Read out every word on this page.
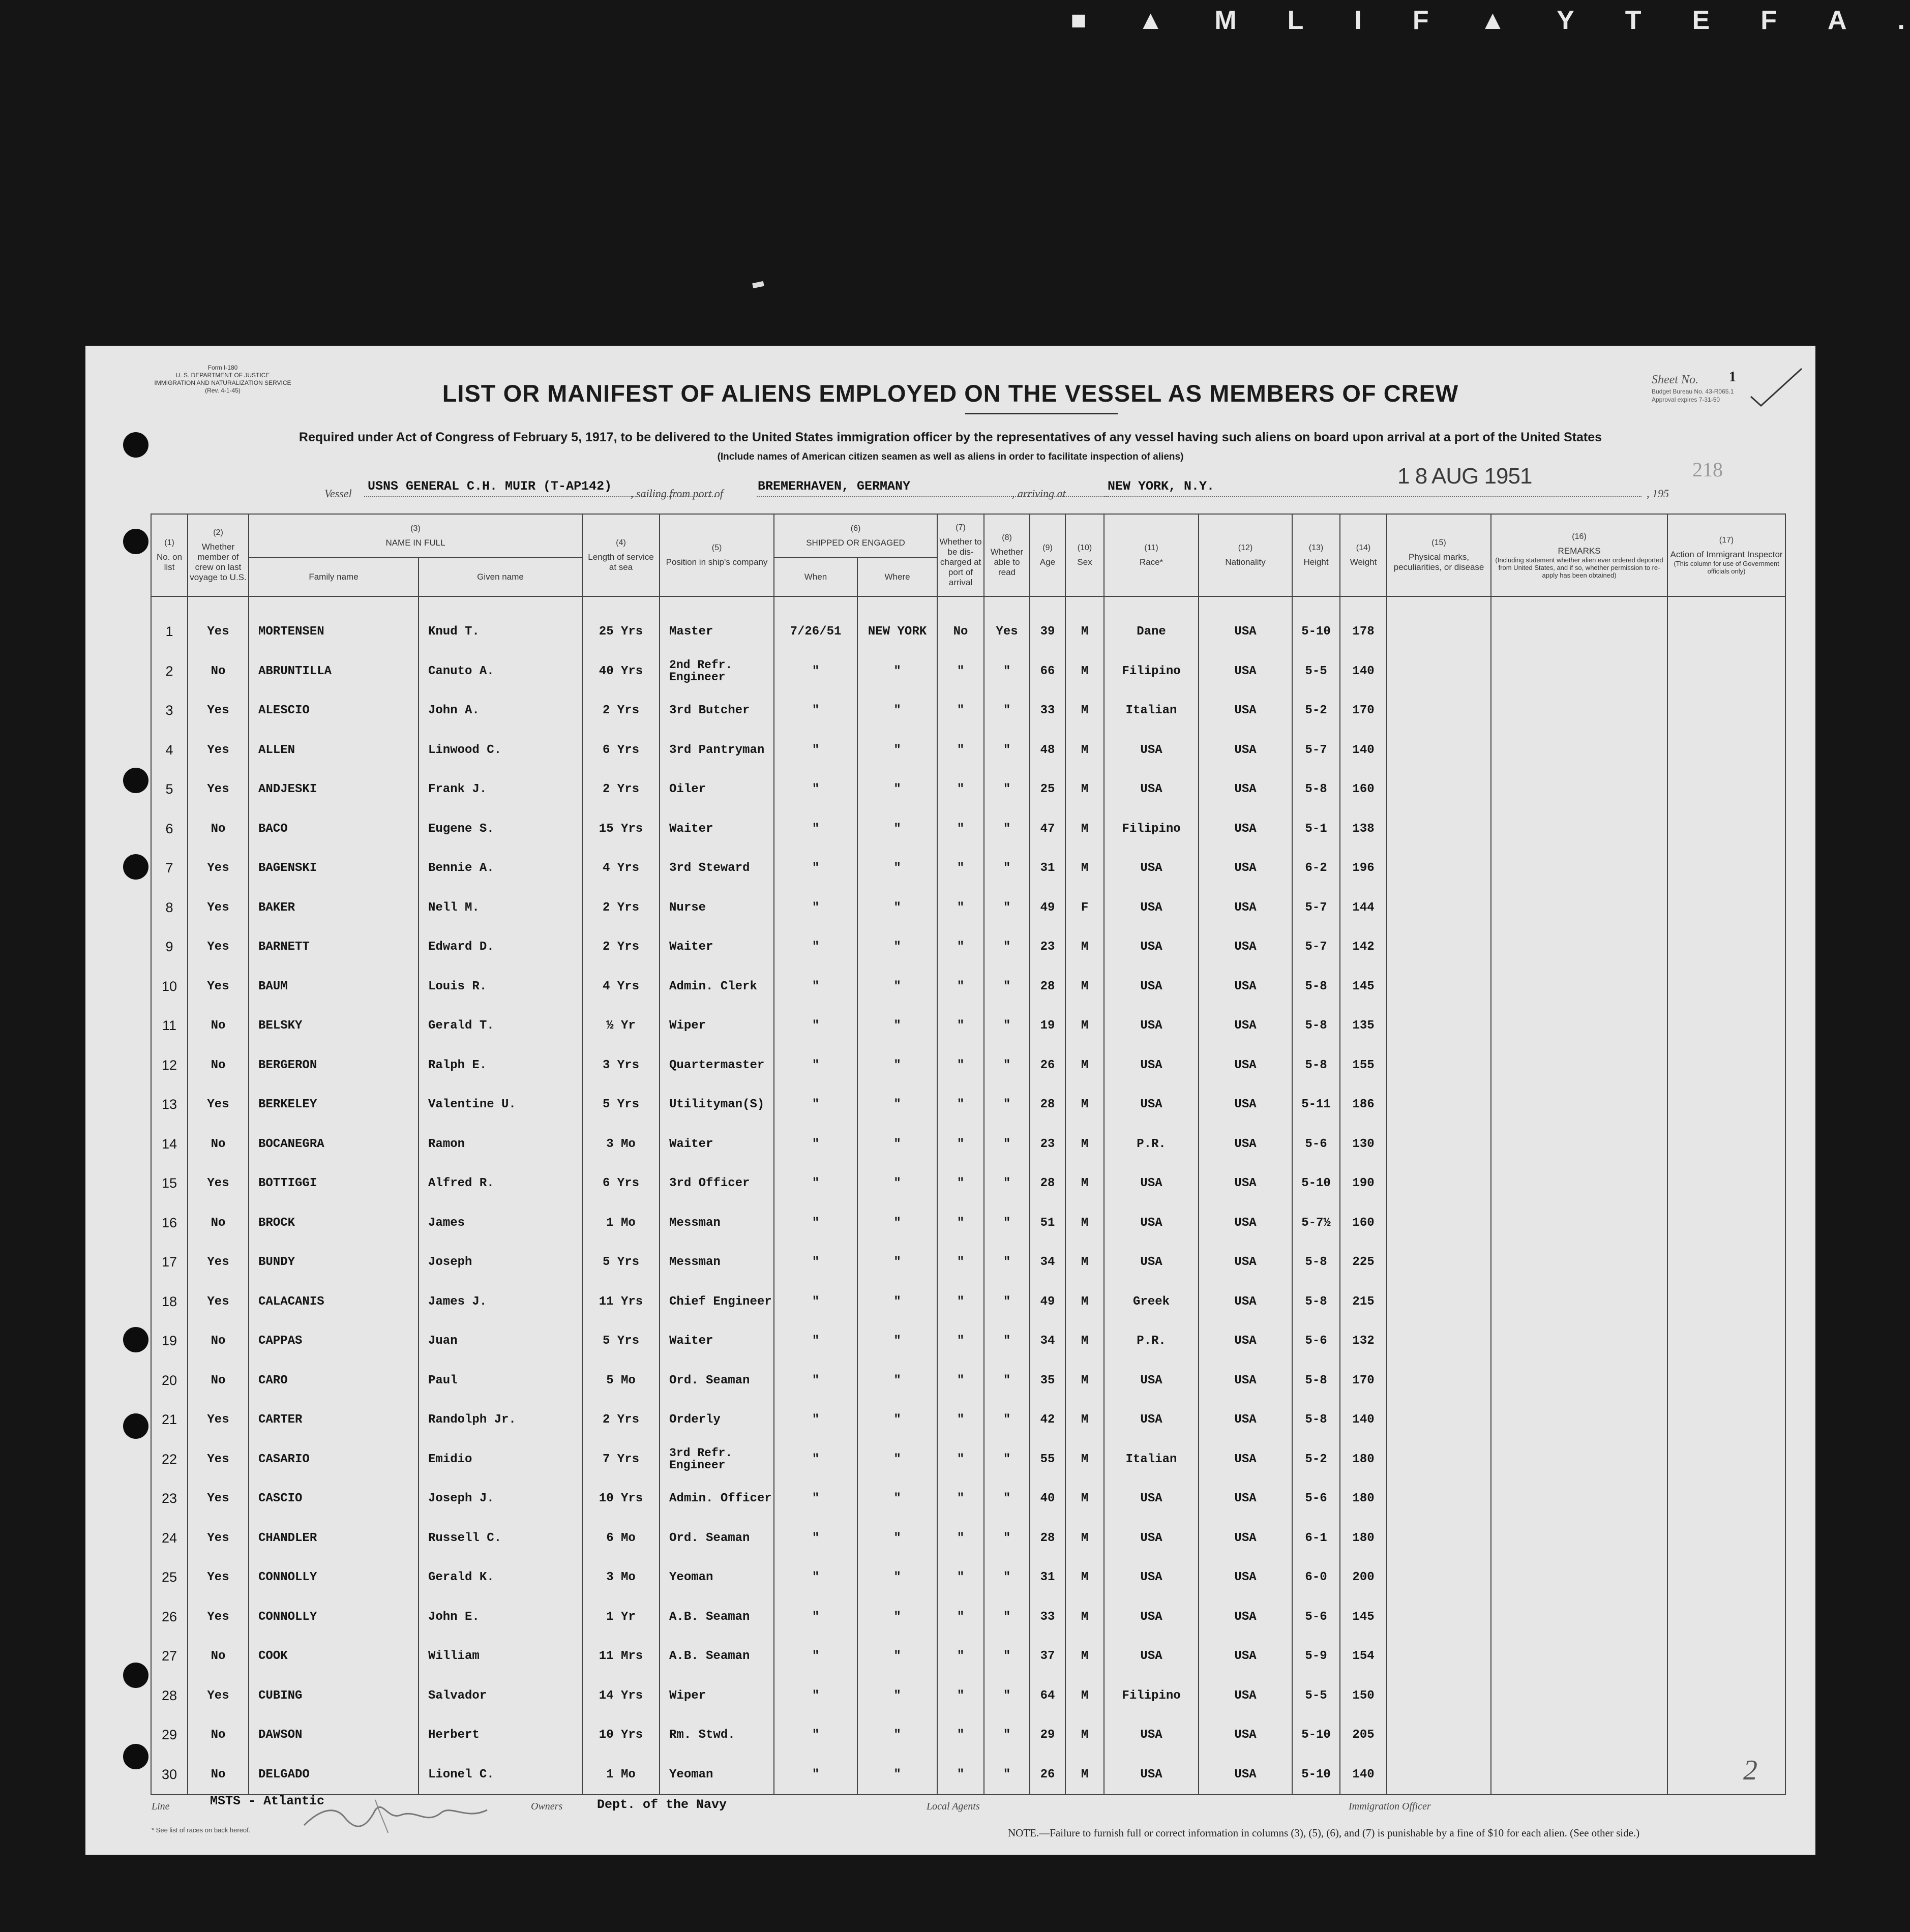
■ ▲ M L I F ▲ Y T E F A .
Form I-180
U. S. DEPARTMENT OF JUSTICE
IMMIGRATION AND NATURALIZATION SERVICE
(Rev. 4-1-45)	LIST OR MANIFEST OF ALIENS EMPLOYED ON THE VESSEL AS MEMBERS OF CREW	Sheet No. 1
Budget Bureau No. 43-R065.1
Approval expires 7-31-50
Required under Act of Congress of February 5, 1917, to be delivered to the United States immigration officer by the representatives of any vessel having such aliens on board upon arrival at a port of the United States
(Include names of American citizen seamen as well as aliens in order to facilitate inspection of aliens)
218
Vessel USNS GENERAL C.H. MUIR (T-AP142) , sailing from port of	BREMERHAVEN, GERMANY	, arriving at	NEW YORK, N.Y.	1 8 AUG 1951
, 195
(1)
No. on list	(2)
Whether member of crew on last voyage to U.S.	(3)
NAME IN FULL		(4)
Length of service at sea	(5)
Position in ship's company	(6)
SHIPPED OR ENGAGED		(7)
Whether to be dis-charged at port of arrival	(8)
Whether able to read	(9)
Age	(10)
Sex	(11)
Race*	(12)
Nationality	(13)
Height	(14)
Weight	(15)
Physical marks, peculiarities, or disease	(16)
REMARKS
(Including statement whether alien ever ordered deported from United States, and if so, whether permission to re-apply has been obtained)	(17)
Action of Immigrant Inspector
(This column for use of Government officials only)

		Family name	Given name			When	Where											

1	Yes	MORTENSEN	Knud T.	25 Yrs	Master	7/26/51	NEW YORK	No	Yes	39	M	Dane	USA	5-10	178			
2	No	ABRUNTILLA	Canuto A.	40 Yrs	2nd Refr. Engineer	"	"	"	"	66	M	Filipino	USA	5-5	140			
3	Yes	ALESCIO	John A.	2 Yrs	3rd Butcher	"	"	"	"	33	M	Italian	USA	5-2	170			
4	Yes	ALLEN	Linwood C.	6 Yrs	3rd Pantryman	"	"	"	"	48	M	USA	USA	5-7	140			
5	Yes	ANDJESKI	Frank J.	2 Yrs	Oiler	"	"	"	"	25	M	USA	USA	5-8	160			
6	No	BACO	Eugene S.	15 Yrs	Waiter	"	"	"	"	47	M	Filipino	USA	5-1	138			
7	Yes	BAGENSKI	Bennie A.	4 Yrs	3rd Steward	"	"	"	"	31	M	USA	USA	6-2	196			
8	Yes	BAKER	Nell M.	2 Yrs	Nurse	"	"	"	"	49	F	USA	USA	5-7	144			
9	Yes	BARNETT	Edward D.	2 Yrs	Waiter	"	"	"	"	23	M	USA	USA	5-7	142			
10	Yes	BAUM	Louis R.	4 Yrs	Admin. Clerk	"	"	"	"	28	M	USA	USA	5-8	145			
11	No	BELSKY	Gerald T.	½ Yr	Wiper	"	"	"	"	19	M	USA	USA	5-8	135			
12	No	BERGERON	Ralph E.	3 Yrs	Quartermaster	"	"	"	"	26	M	USA	USA	5-8	155			
13	Yes	BERKELEY	Valentine U.	5 Yrs	Utilityman(S)	"	"	"	"	28	M	USA	USA	5-11	186			
14	No	BOCANEGRA	Ramon	3 Mo	Waiter	"	"	"	"	23	M	P.R.	USA	5-6	130			
15	Yes	BOTTIGGI	Alfred R.	6 Yrs	3rd Officer	"	"	"	"	28	M	USA	USA	5-10	190			
16	No	BROCK	James	1 Mo	Messman	"	"	"	"	51	M	USA	USA	5-7½	160			
17	Yes	BUNDY	Joseph	5 Yrs	Messman	"	"	"	"	34	M	USA	USA	5-8	225			
18	Yes	CALACANIS	James J.	11 Yrs	Chief Engineer	"	"	"	"	49	M	Greek	USA	5-8	215			
19	No	CAPPAS	Juan	5 Yrs	Waiter	"	"	"	"	34	M	P.R.	USA	5-6	132			
20	No	CARO	Paul	5 Mo	Ord. Seaman	"	"	"	"	35	M	USA	USA	5-8	170			
21	Yes	CARTER	Randolph Jr.	2 Yrs	Orderly	"	"	"	"	42	M	USA	USA	5-8	140			
22	Yes	CASARIO	Emidio	7 Yrs	3rd Refr. Engineer	"	"	"	"	55	M	Italian	USA	5-2	180			
23	Yes	CASCIO	Joseph J.	10 Yrs	Admin. Officer	"	"	"	"	40	M	USA	USA	5-6	180			
24	Yes	CHANDLER	Russell C.	6 Mo	Ord. Seaman	"	"	"	"	28	M	USA	USA	6-1	180			
25	Yes	CONNOLLY	Gerald K.	3 Mo	Yeoman	"	"	"	"	31	M	USA	USA	6-0	200			
26	Yes	CONNOLLY	John E.	1 Yr	A.B. Seaman	"	"	"	"	33	M	USA	USA	5-6	145			
27	No	COOK	William	11 Mrs	A.B. Seaman	"	"	"	"	37	M	USA	USA	5-9	154			
28	Yes	CUBING	Salvador	14 Yrs	Wiper	"	"	"	"	64	M	Filipino	USA	5-5	150			
29	No	DAWSON	Herbert	10 Yrs	Rm. Stwd.	"	"	"	"	29	M	USA	USA	5-10	205			
30	No	DELGADO	Lionel C.	1 Mo	Yeoman	"	"	"	"	26	M	USA	USA	5-10	140			
Line	MSTS - Atlantic	Owners	Dept. of the Navy	Local Agents	Immigration Officer
* See list of races on back hereof.	NOTE.—Failure to furnish full or correct information in columns (3), (5), (6), and (7) is punishable by a fine of $10 for each alien. (See other side.)
2
